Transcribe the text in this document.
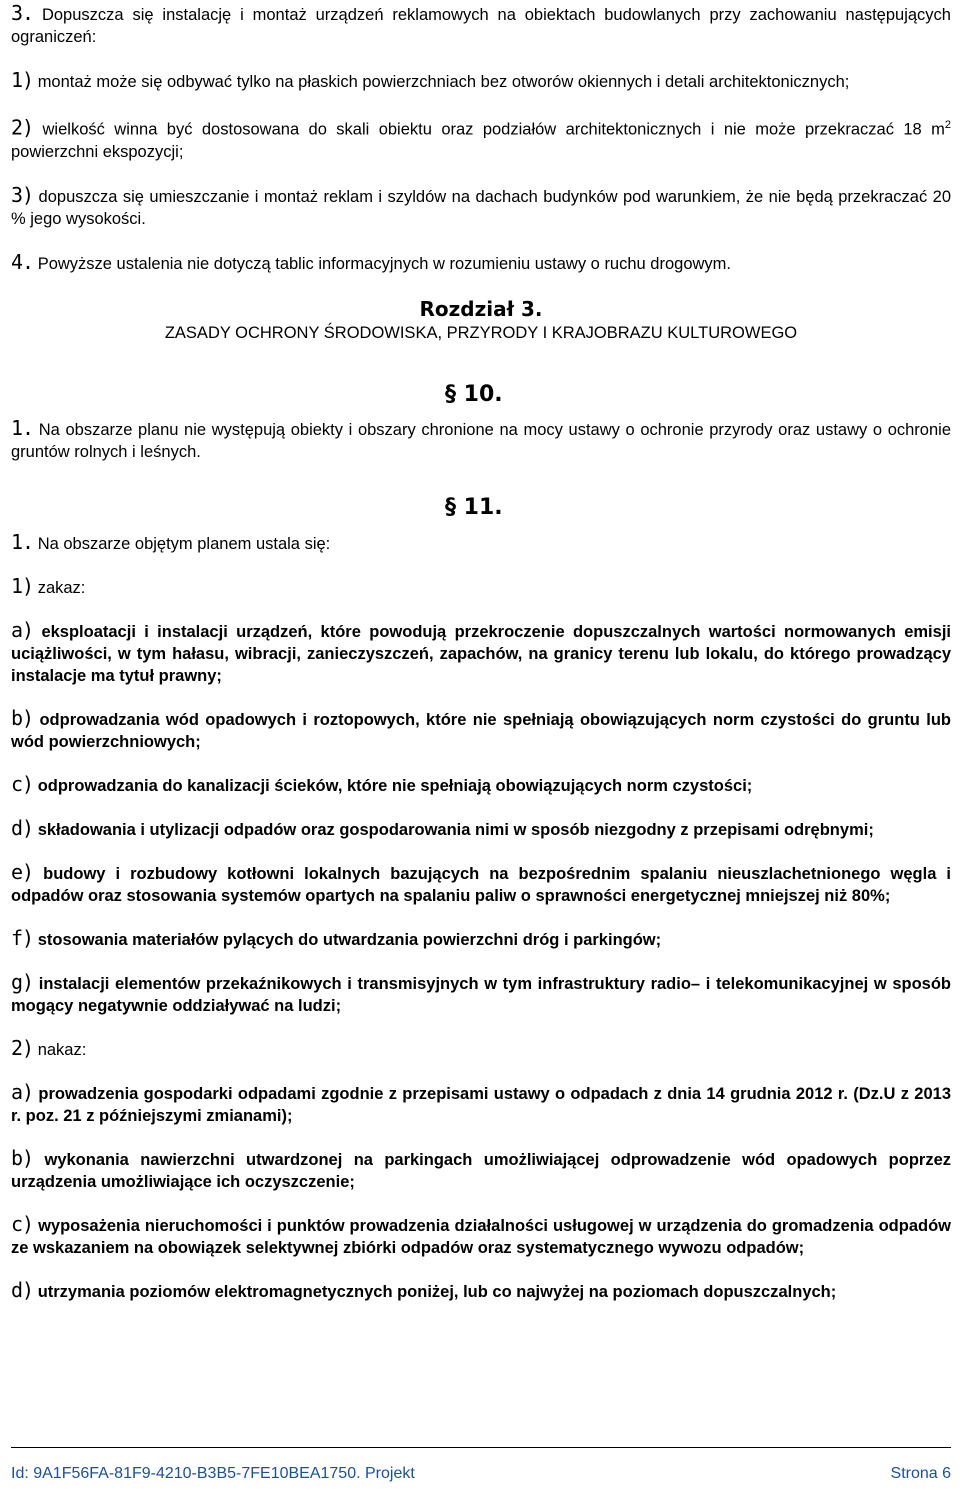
3. Dopuszcza się instalację i montaż urządzeń reklamowych na obiektach budowlanych przy zachowaniu następujących ograniczeń:

1) montaż może się odbywać tylko na płaskich powierzchniach bez otworów okiennych i detali architektonicznych;

2) wielkość winna być dostosowana do skali obiektu oraz podziałów architektonicznych i nie może przekraczać 18 $m^2$ powierzchni ekspozycji;

3) dopuszcza się umieszczanie i montaż reklam i szyldów na dachach budynków pod warunkiem, że nie będą przekraczać 20 % jego wysokości.

4. Powyższe ustalenia nie dotyczą tablic informacyjnych w rozumieniu ustawy o ruchu drogowym.

Rozdział 3.
ZASADY OCHRONY ŚRODOWISKA, PRZYRODY I KRAJOBRAZU KULTUROWEGO
§ 10.

1. Na obszarze planu nie występują obiekty i obszary chronione na mocy ustawy o ochronie przyrody oraz ustawy o ochronie gruntów rolnych i leśnych.

§ 11.

1. Na obszarze objętym planem ustala się:

1) zakaz:

a) eksploatacji i instalacji urządzeń, które powodują przekroczenie dopuszczalnych wartości normowanych emisji uciążliwości, w tym hałasu, wibracji, zanieczyszczeń, zapachów, na granicy terenu lub lokalu, do którego prowadzący instalacje ma tytuł prawny;

b) odprowadzania wód opadowych i roztopowych, które nie spełniają obowiązujących norm czystości do gruntu lub wód powierzchniowych;

c) odprowadzania do kanalizacji ścieków, które nie spełniają obowiązujących norm czystości;

d) składowania i utylizacji odpadów oraz gospodarowania nimi w sposób niezgodny z przepisami odrębnymi;

e) budowy i rozbudowy kotłowni lokalnych bazujących na bezpośrednim spalaniu nieuszlachetnionego węgla i odpadów oraz stosowania systemów opartych na spalaniu paliw o sprawności energetycznej mniejszej niż 80%;

f) stosowania materiałów pylących do utwardzania powierzchni dróg i parkingów;

g) instalacji elementów przekaźnikowych i transmisyjnych w tym infrastruktury radio– i telekomunikacyjnej w sposób mogący negatywnie oddziaływać na ludzi;

2) nakaz:

a) prowadzenia gospodarki odpadami zgodnie z przepisami ustawy o odpadach z dnia 14 grudnia 2012 r. (Dz.U z 2013 r. poz. 21 z późniejszymi zmianami);

b) wykonania nawierzchni utwardzonej na parkingach umożliwiającej odprowadzenie wód opadowych poprzez urządzenia umożliwiające ich oczyszczenie;

c) wyposażenia nieruchomości i punktów prowadzenia działalności usługowej w urządzenia do gromadzenia odpadów ze wskazaniem na obowiązek selektywnej zbiórki odpadów oraz systematycznego wywozu odpadów;

d) utrzymania poziomów elektromagnetycznych poniżej, lub co najwyżej na poziomach dopuszczalnych;

Id: 9A1F56FA-81F9-4210-B3B5-7FE10BEA1750. Projekt	Strona 6
